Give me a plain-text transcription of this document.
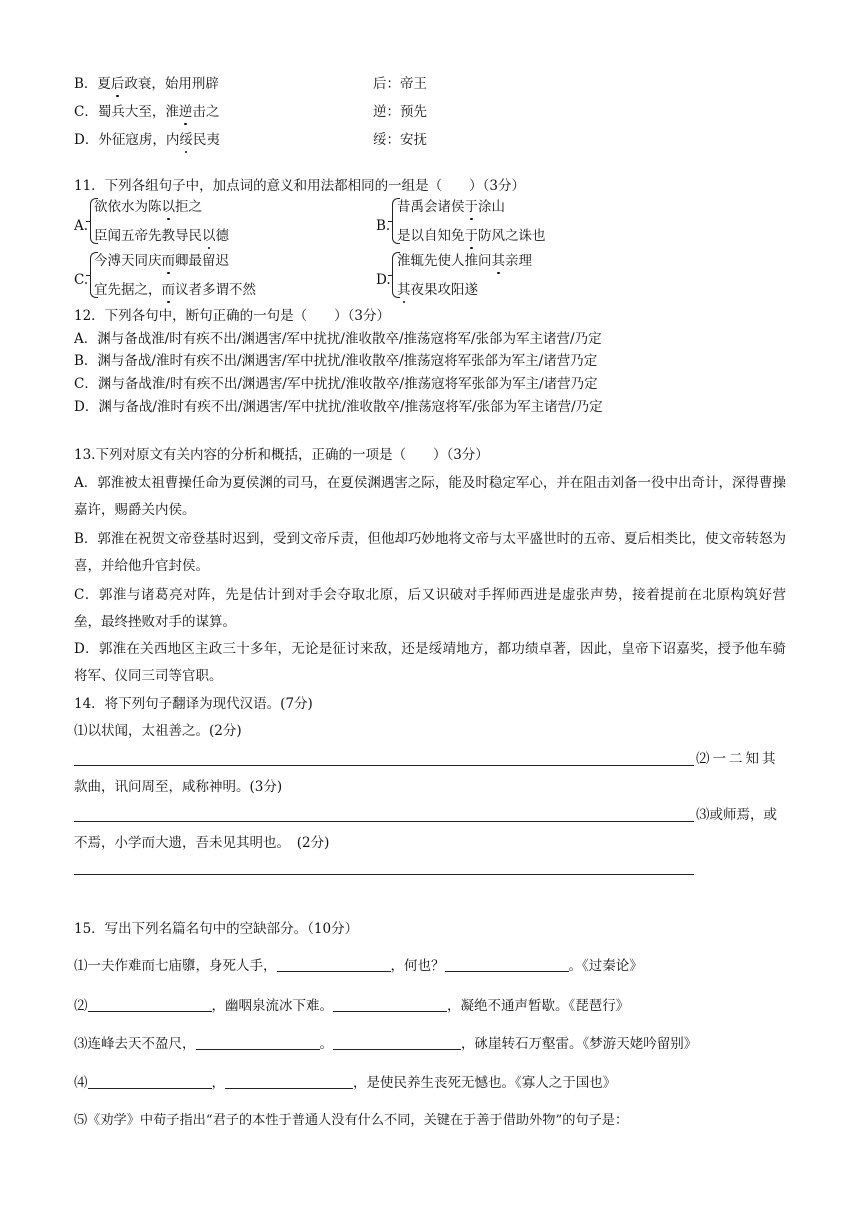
B．夏后政衰，始用刑辟	后：帝王
C．蜀兵大至，淮逆击之	逆：预先
D．外征寇虏，内绥民夷	绥：安抚
11．下列各组句子中，加点词的意义和用法都相同的一组是（　　）（3分）
A.
欲依水为陈以拒之
臣闻五帝先教导民以德
B.
昔禹会诸侯于涂山
是以自知免于防风之诛也
C.
今溥天同庆而卿最留迟
宜先据之，而议者多谓不然
D.
淮辄先使人推问其亲理
其夜果攻阳遂
12．下列各句中，断句正确的一句是（　　）（3分）
A．渊与备战淮/时有疾不出/渊遇害/军中扰扰/淮收散卒/推荡寇将军/张郃为军主诸营/乃定
B．渊与备战/淮时有疾不出/渊遇害/军中扰扰/淮收散卒/推荡寇将军张郃为军主/诸营乃定
C．渊与备战淮/时有疾不出/渊遇害/军中扰扰/淮收散卒/推荡寇将军张郃为军主/诸营乃定
D．渊与备战/淮时有疾不出/渊遇害/军中扰扰/淮收散卒/推荡寇将军/张郃为军主诸营/乃定
13.下列对原文有关内容的分析和概括，正确的一项是（　　）（3分）
A．郭淮被太祖曹操任命为夏侯渊的司马，在夏侯渊遇害之际，能及时稳定军心，并在阻击刘备一役中出奇计，深得曹操嘉许，赐爵关内侯。
B．郭淮在祝贺文帝登基时迟到，受到文帝斥责，但他却巧妙地将文帝与太平盛世时的五帝、夏后相类比，使文帝转怒为喜，并给他升官封侯。
C．郭淮与诸葛亮对阵，先是估计到对手会夺取北原，后又识破对手挥师西进是虚张声势，接着提前在北原构筑好营垒，最终挫败对手的谋算。
D．郭淮在关西地区主政三十多年，无论是征讨来敌，还是绥靖地方，都功绩卓著，因此，皇帝下诏嘉奖，授予他车骑将军、仪同三司等官职。
14．将下列句子翻译为现代汉语。(7分)
⑴以状闻，太祖善之。(2分)
⑵一二知其
款曲，讯问周至，咸称神明。(3分)
⑶或师焉，或
不焉，小学而大遗，吾未见其明也。　(2分)
15．写出下列名篇名句中的空缺部分。（10分）
⑴一夫作难而七庙隳，身死人手，	，何也？	。《过秦论》
⑵	，幽咽泉流冰下难。	，凝绝不通声暂歇。《琵琶行》
⑶连峰去天不盈尺，	。	，砯崖转石万壑雷。《梦游天姥吟留别》
⑷	，	，是使民养生丧死无憾也。《寡人之于国也》
⑸《劝学》中荀子指出“君子的本性于普通人没有什么不同，关键在于善于借助外物”的句子是：
